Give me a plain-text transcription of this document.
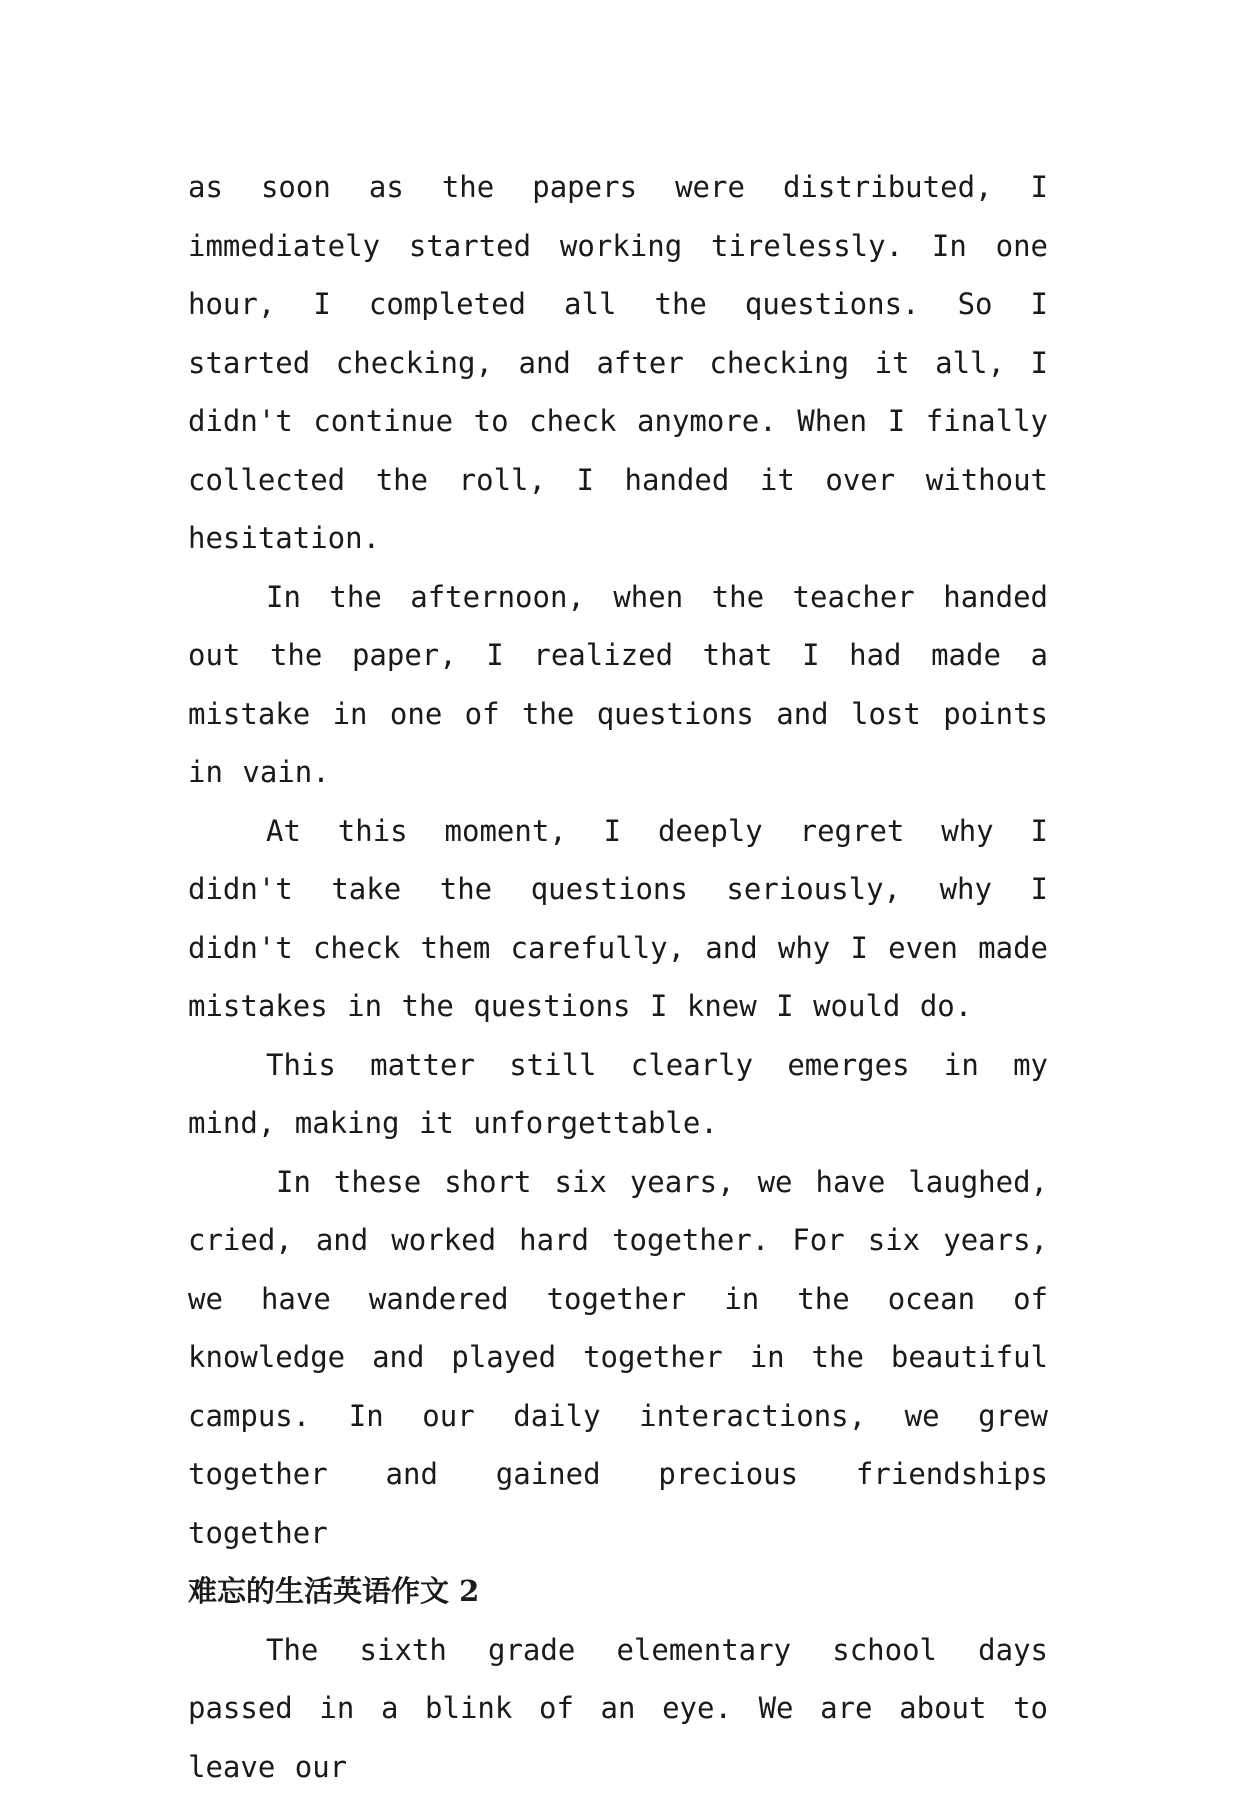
as soon as the papers were distributed, I immediately started working tirelessly. In one hour, I completed all the questions. So I started checking, and after checking it all, I didn't continue to check anymore. When I finally collected the roll, I handed it over without hesitation.

In the afternoon, when the teacher handed out the paper, I realized that I had made a mistake in one of the questions and lost points in vain.

At this moment, I deeply regret why I didn't take the questions seriously, why I didn't check them carefully, and why I even made mistakes in the questions I knew I would do.

This matter still clearly emerges in my mind, making it unforgettable.

In these short six years, we have laughed, cried, and worked hard together. For six years, we have wandered together in the ocean of knowledge and played together in the beautiful campus. In our daily interactions, we grew together and gained precious friendships together

难忘的生活英语作文 2

The sixth grade elementary school days passed in a blink of an eye. We are about to leave our
